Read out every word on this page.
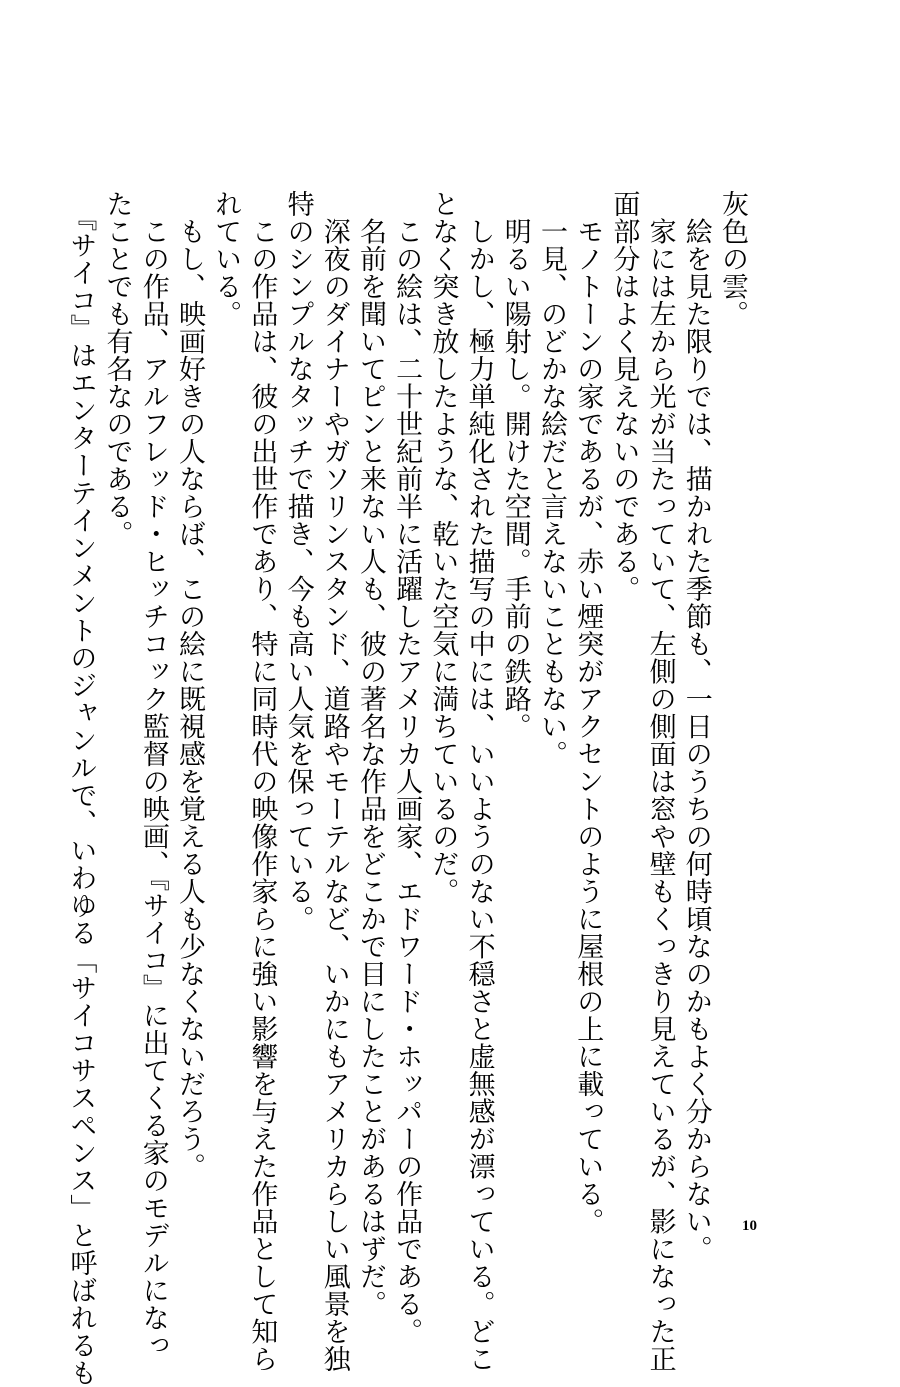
灰色の雲。
　絵を見た限りでは、描かれた季節も、一日のうちの何時頃なのかもよく分からない。
　家には左から光が当たっていて、左側の側面は窓や壁もくっきり見えているが、影になった正
面部分はよく見えないのである。
　モノトーンの家であるが、赤い煙突がアクセントのように屋根の上に載っている。
　一見、のどかな絵だと言えないこともない。
　明るい陽射し。開けた空間。手前の鉄路。
　しかし、極力単純化された描写の中には、いいようのない不穏さと虚無感が漂っている。どこ
となく突き放したような、乾いた空気に満ちているのだ。
　この絵は、二十世紀前半に活躍したアメリカ人画家、エドワード・ホッパーの作品である。
　名前を聞いてピンと来ない人も、彼の著名な作品をどこかで目にしたことがあるはずだ。
　深夜のダイナーやガソリンスタンド、道路やモーテルなど、いかにもアメリカらしい風景を独
特のシンプルなタッチで描き、今も高い人気を保っている。
　この作品は、彼の出世作であり、特に同時代の映像作家らに強い影響を与えた作品として知ら
れている。
　もし、映画好きの人ならば、この絵に既視感を覚える人も少なくないだろう。
　この作品、アルフレッド・ヒッチコック監督の映画、『サイコ』に出てくる家のモデルになっ
たことでも有名なのである。
　『サイコ』はエンターテインメントのジャンルで、いわゆる「サイコサスペンス」と呼ばれるも	10
